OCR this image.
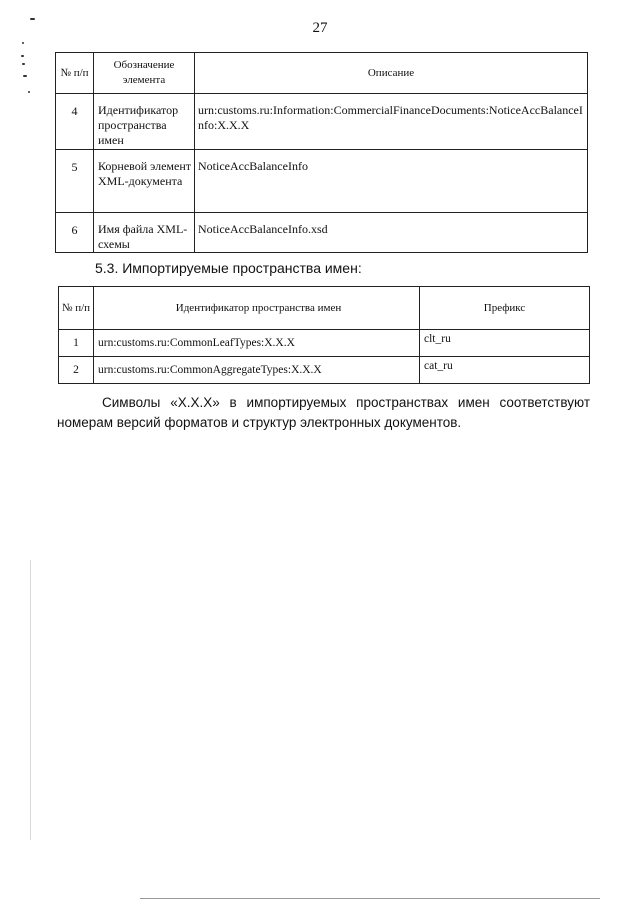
27
№ п/п	Обозначение элемента	Описание
4	Идентификатор пространства имен	urn:customs.ru:Information:CommercialFinanceDocuments:NoticeAccBalanceInfo:X.X.X
5	Корневой элемент XML-документа	NoticeAccBalanceInfo
6	Имя файла XML-схемы	NoticeAccBalanceInfo.xsd
5.3. Импортируемые пространства имен:
№ п/п	Идентификатор пространства имен	Префикс
1	urn:customs.ru:CommonLeafTypes:X.X.X	clt_ru
2	urn:customs.ru:CommonAggregateTypes:X.X.X	cat_ru
Символы «X.X.X» в импортируемых пространствах имен соответствуют номерам версий форматов и структур электронных документов.
